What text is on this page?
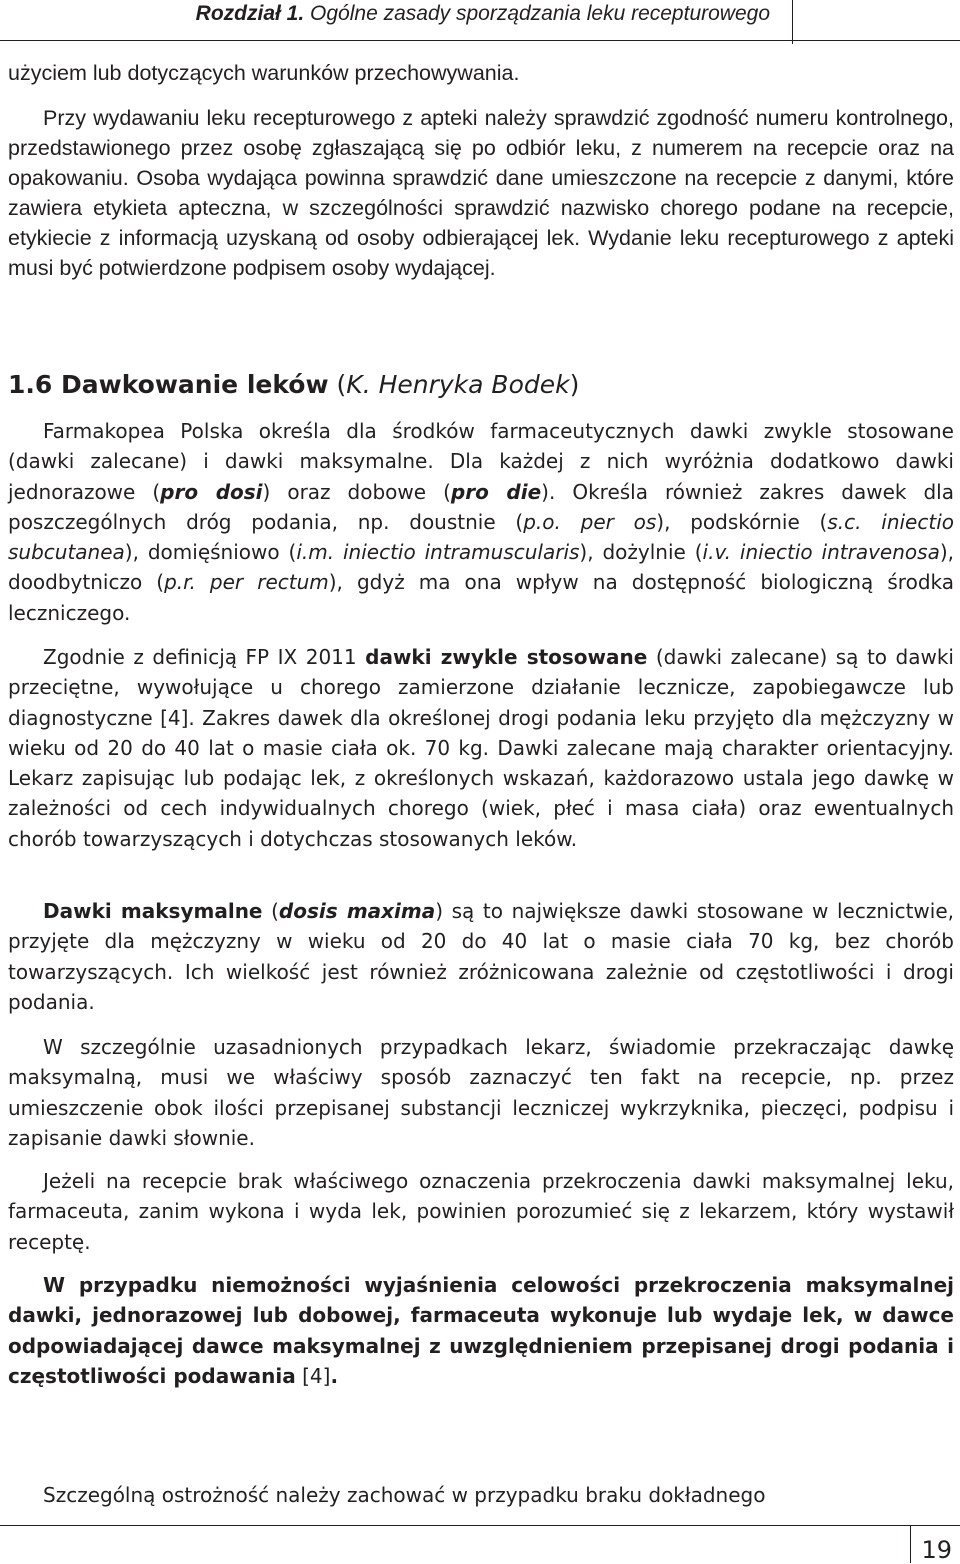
Rozdział 1. Ogólne zasady sporządzania leku recepturowego

użyciem lub dotyczących warunków przechowywania.

Przy wydawaniu leku recepturowego z apteki należy sprawdzić zgodność numeru kontrolnego, przedstawionego przez osobę zgłaszającą się po odbiór leku, z numerem na recepcie oraz na opakowaniu. Osoba wydająca powinna sprawdzić dane umieszczone na recepcie z danymi, które zawiera etykieta apteczna, w szczególności sprawdzić nazwisko chorego podane na recepcie, etykiecie z informacją uzyskaną od osoby odbierającej lek. Wydanie leku recepturowego z apteki musi być potwierdzone podpisem osoby wydającej.

1.6 Dawkowanie leków (K. Henryka Bodek)

Farmakopea Polska określa dla środków farmaceutycznych dawki zwykle stosowane (dawki zalecane) i dawki maksymalne. Dla każdej z nich wyróżnia dodatkowo dawki jednorazowe (pro dosi) oraz dobowe (pro die). Określa również zakres dawek dla poszczególnych dróg podania, np. doustnie (p.o. per os), podskórnie (s.c. iniectio subcutanea), domięśniowo (i.m. iniectio intramuscularis), dożylnie (i.v. iniectio intravenosa), doodbytniczo (p.r. per rectum), gdyż ma ona wpływ na dostępność biologiczną środka leczniczego.

Zgodnie z definicją FP IX 2011 dawki zwykle stosowane (dawki zalecane) są to dawki przeciętne, wywołujące u chorego zamierzone działanie lecznicze, zapobiegawcze lub diagnostyczne [4]. Zakres dawek dla określonej drogi podania leku przyjęto dla mężczyzny w wieku od 20 do 40 lat o masie ciała ok. 70 kg. Dawki zalecane mają charakter orientacyjny. Lekarz zapisując lub podając lek, z określonych wskazań, każdorazowo ustala jego dawkę w zależności od cech indywidualnych chorego (wiek, płeć i masa ciała) oraz ewentualnych chorób towarzyszących i dotychczas stosowanych leków.

Dawki maksymalne (dosis maxima) są to największe dawki stosowane w lecznictwie, przyjęte dla mężczyzny w wieku od 20 do 40 lat o masie ciała 70 kg, bez chorób towarzyszących. Ich wielkość jest również zróżnicowana zależnie od częstotliwości i drogi podania.

W szczególnie uzasadnionych przypadkach lekarz, świadomie przekraczając dawkę maksymalną, musi we właściwy sposób zaznaczyć ten fakt na recepcie, np. przez umieszczenie obok ilości przepisanej substancji leczniczej wykrzyknika, pieczęci, podpisu i zapisanie dawki słownie.

Jeżeli na recepcie brak właściwego oznaczenia przekroczenia dawki maksymalnej leku, farmaceuta, zanim wykona i wyda lek, powinien porozumieć się z lekarzem, który wystawił receptę.

W przypadku niemożności wyjaśnienia celowości przekroczenia maksymalnej dawki, jednorazowej lub dobowej, farmaceuta wykonuje lub wydaje lek, w dawce odpowiadającej dawce maksymalnej z uwzględnieniem przepisanej drogi podania i częstotliwości podawania [4].

Szczególną ostrożność należy zachować w przypadku braku dokładnego

19
